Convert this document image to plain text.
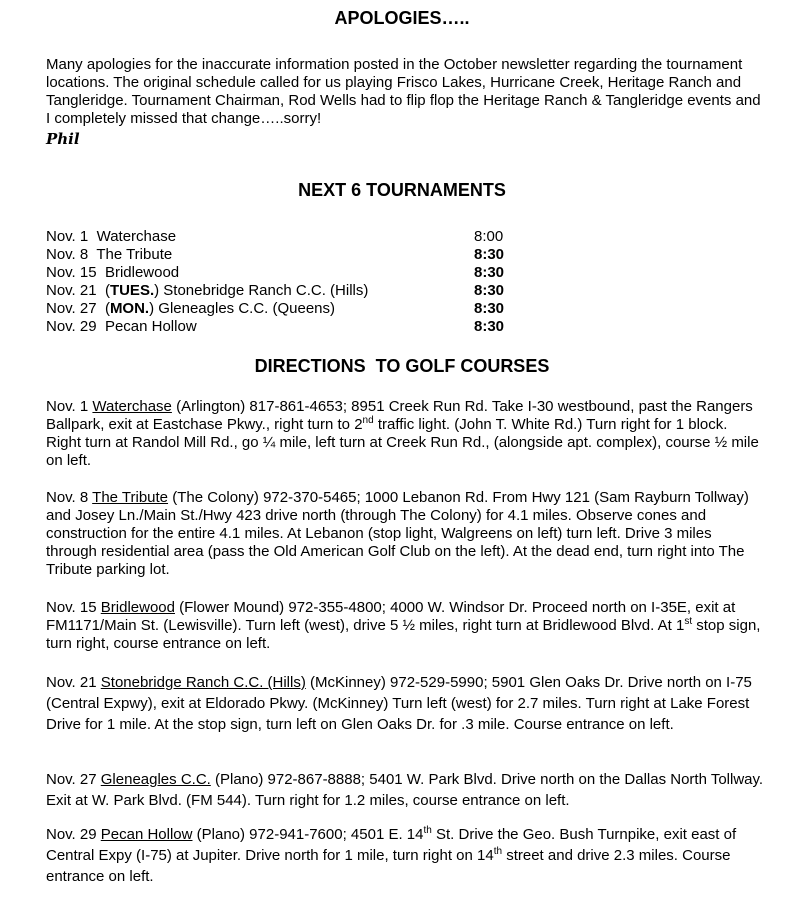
APOLOGIES…..

Many apologies for the inaccurate information posted in the October newsletter regarding the tournament locations. The original schedule called for us playing Frisco Lakes, Hurricane Creek, Heritage Ranch and Tangleridge. Tournament Chairman, Rod Wells had to flip flop the Heritage Ranch & Tangleridge events and I completely missed that change…..sorry!

Phil
NEXT 6 TOURNAMENTS
Nov. 1 Waterchase	8:00
Nov. 8 The Tribute	8:30
Nov. 15 Bridlewood	8:30
Nov. 21 (TUES.) Stonebridge Ranch C.C. (Hills)	8:30
Nov. 27 (MON.) Gleneagles C.C. (Queens)	8:30
Nov. 29 Pecan Hollow	8:30
DIRECTIONS  TO GOLF COURSES

Nov. 1 Waterchase (Arlington) 817-861-4653; 8951 Creek Run Rd. Take I-30 westbound, past the Rangers Ballpark, exit at Eastchase Pkwy., right turn to 2nd traffic light. (John T. White Rd.) Turn right for 1 block. Right turn at Randol Mill Rd., go ¼ mile, left turn at Creek Run Rd., (alongside apt. complex), course ½ mile on left.

Nov. 8 The Tribute (The Colony) 972-370-5465; 1000 Lebanon Rd. From Hwy 121 (Sam Rayburn Tollway) and Josey Ln./Main St./Hwy 423 drive north (through The Colony) for 4.1 miles. Observe cones and construction for the entire 4.1 miles. At Lebanon (stop light, Walgreens on left) turn left. Drive 3 miles through residential area (pass the Old American Golf Club on the left). At the dead end, turn right into The Tribute parking lot.

Nov. 15 Bridlewood (Flower Mound) 972-355-4800; 4000 W. Windsor Dr. Proceed north on I-35E, exit at FM1171/Main St. (Lewisville). Turn left (west), drive 5 ½ miles, right turn at Bridlewood Blvd. At 1st stop sign, turn right, course entrance on left.

Nov. 21 Stonebridge Ranch C.C. (Hills) (McKinney) 972-529-5990; 5901 Glen Oaks Dr. Drive north on I-75 (Central Expwy), exit at Eldorado Pkwy. (McKinney) Turn left (west) for 2.7 miles. Turn right at Lake Forest Drive for 1 mile. At the stop sign, turn left on Glen Oaks Dr. for .3 mile. Course entrance on left.

Nov. 27 Gleneagles C.C. (Plano) 972-867-8888; 5401 W. Park Blvd. Drive north on the Dallas North Tollway. Exit at W. Park Blvd. (FM 544). Turn right for 1.2 miles, course entrance on left.

Nov. 29 Pecan Hollow (Plano) 972-941-7600; 4501 E. 14th St. Drive the Geo. Bush Turnpike, exit east of Central Expy (I-75) at Jupiter. Drive north for 1 mile, turn right on 14th street and drive 2.3 miles. Course entrance on left.
